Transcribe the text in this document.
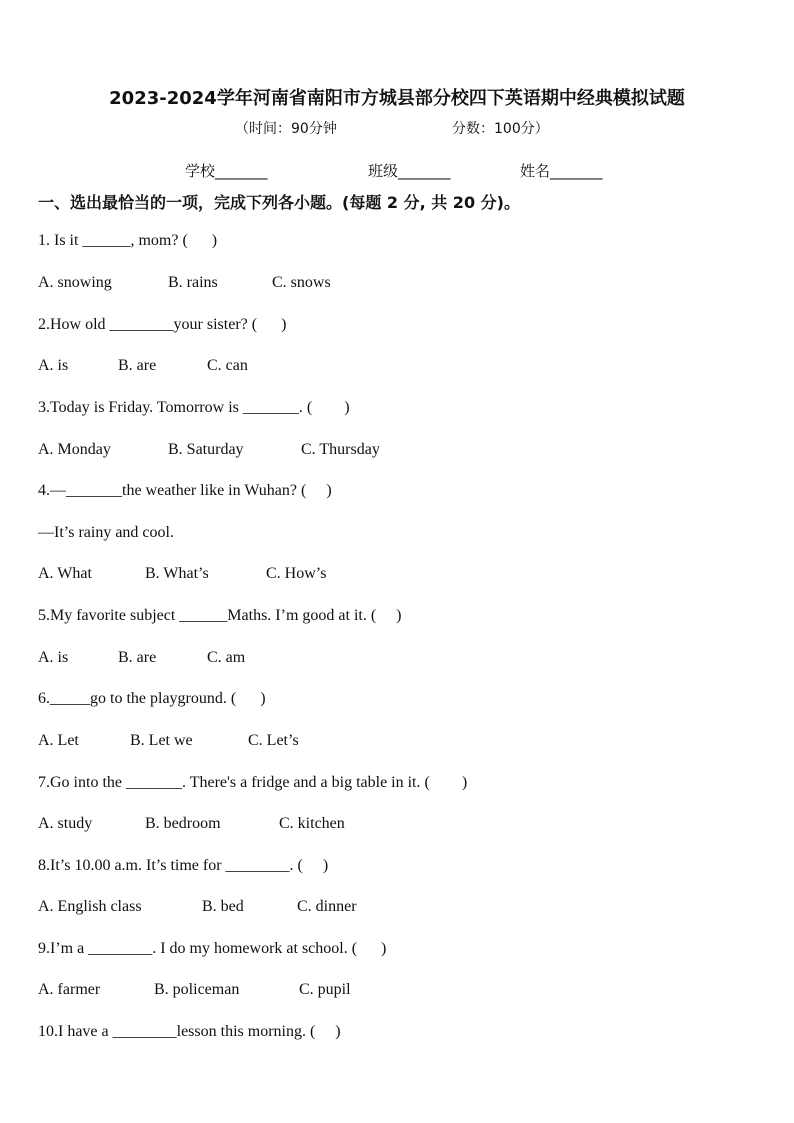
2023-2024学年河南省南阳市方城县部分校四下英语期中经典模拟试题
（时间：90分钟	分数：100分）
学校_______	班级_______	姓名_______
一、选出最恰当的一项，完成下列各小题。(每题 2 分, 共 20 分)。
1. Is it ______, mom? (      )
A. snowing	B. rains	C. snows
2.How old ________your sister? (      )
A. is	B. are	C. can
3.Today is Friday. Tomorrow is _______. (        )
A. Monday	B. Saturday	C. Thursday
4.—_______the weather like in Wuhan? (     )
—It’s rainy and cool.
A. What	B. What’s	C. How’s
5.My favorite subject ______Maths. I’m good at it. (     )
A. is	B. are	C. am
6._____go to the playground. (      )
A. Let	B. Let we	C. Let’s
7.Go into the _______. There's a fridge and a big table in it. (        )
A. study	B. bedroom	C. kitchen
8.It’s 10.00 a.m. It’s time for ________. (     )
A. English class	B. bed	C. dinner
9.I’m a ________. I do my homework at school. (      )
A. farmer	B. policeman	C. pupil
10.I have a ________lesson this morning. (     )
